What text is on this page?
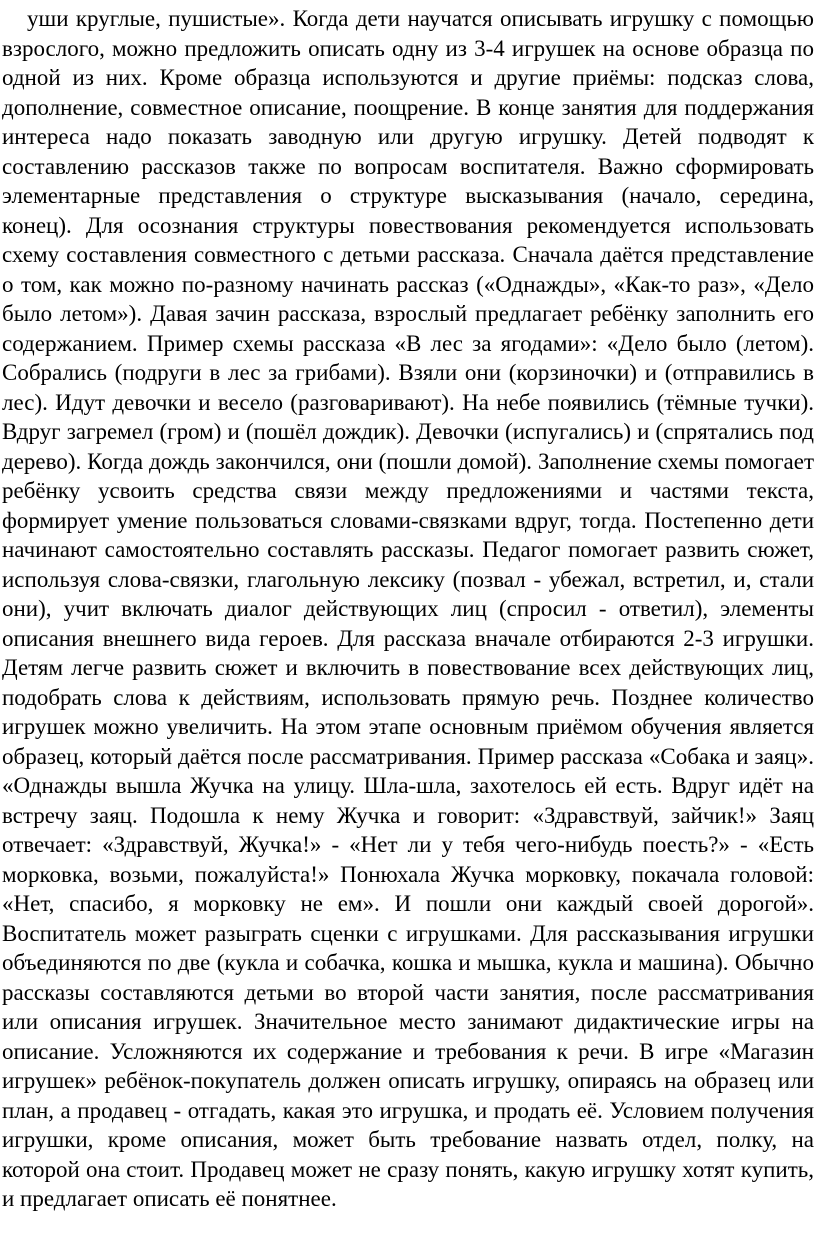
уши круглые, пушистые». Когда дети научатся описывать игрушку с помощью взрослого, можно предложить описать одну из 3-4 игрушек на основе образца по одной из них. Кроме образца используются и другие приёмы: подсказ слова, дополнение, совместное описание, поощрение. В конце занятия для поддержания интереса надо показать заводную или другую игрушку. Детей подводят к составлению рассказов также по вопросам воспитателя. Важно сформировать элементарные представления о структуре высказывания (начало, середина, конец). Для осознания структуры повествования рекомендуется использовать схему составления совместного с детьми рассказа. Сначала даётся представление о том, как можно по-разному начинать рассказ («Однажды», «Как-то раз», «Дело было летом»). Давая зачин рассказа, взрослый предлагает ребёнку заполнить его содержанием. Пример схемы рассказа «В лес за ягодами»: «Дело было (летом). Собрались (подруги в лес за грибами). Взяли они (корзиночки) и (отправились в лес). Идут девочки и весело (разговаривают). На небе появились (тёмные тучки). Вдруг загремел (гром) и (пошёл дождик). Девочки (испугались) и (спрятались под дерево). Когда дождь закончился, они (пошли домой). Заполнение схемы помогает ребёнку усвоить средства связи между предложениями и частями текста, формирует умение пользоваться словами-связками вдруг, тогда. Постепенно дети начинают самостоятельно составлять рассказы. Педагог помогает развить сюжет, используя слова-связки, глагольную лексику (позвал - убежал, встретил, и, стали они), учит включать диалог действующих лиц (спросил - ответил), элементы описания внешнего вида героев. Для рассказа вначале отбираются 2-3 игрушки. Детям легче развить сюжет и включить в повествование всех действующих лиц, подобрать слова к действиям, использовать прямую речь. Позднее количество игрушек можно увеличить. На этом этапе основным приёмом обучения является образец, который даётся после рассматривания. Пример рассказа «Собака и заяц». «Однажды вышла Жучка на улицу. Шла-шла, захотелось ей есть. Вдруг идёт на встречу заяц. Подошла к нему Жучка и говорит: «Здравствуй, зайчик!» Заяц отвечает: «Здравствуй, Жучка!» - «Нет ли у тебя чего-нибудь поесть?» - «Есть морковка, возьми, пожалуйста!» Понюхала Жучка морковку, покачала головой: «Нет, спасибо, я морковку не ем». И пошли они каждый своей дорогой». Воспитатель может разыграть сценки с игрушками. Для рассказывания игрушки объединяются по две (кукла и собачка, кошка и мышка, кукла и машина). Обычно рассказы составляются детьми во второй части занятия, после рассматривания или описания игрушек. Значительное место занимают дидактические игры на описание. Усложняются их содержание и требования к речи. В игре «Магазин игрушек» ребёнок-покупатель должен описать игрушку, опираясь на образец или план, а продавец - отгадать, какая это игрушка, и продать её. Условием получения игрушки, кроме описания, может быть требование назвать отдел, полку, на которой она стоит. Продавец может не сразу понять, какую игрушку хотят купить, и предлагает описать её понятнее.
